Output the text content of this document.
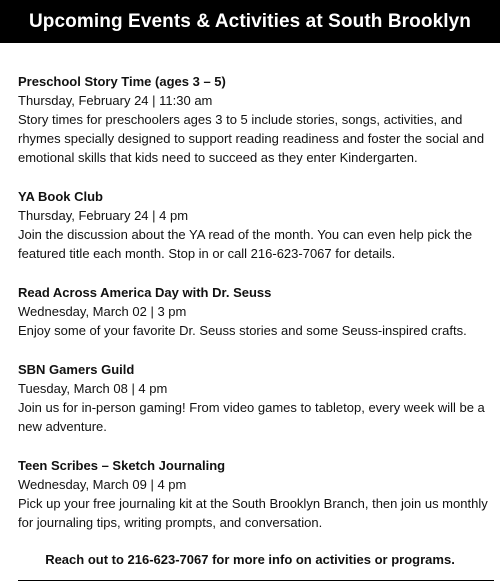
Upcoming Events & Activities at South Brooklyn
Preschool Story Time (ages 3 – 5)
Thursday, February 24 | 11:30 am
Story times for preschoolers ages 3 to 5 include stories, songs, activities, and rhymes specially designed to support reading readiness and foster the social and emotional skills that kids need to succeed as they enter Kindergarten.
YA Book Club
Thursday, February 24 | 4 pm
Join the discussion about the YA read of the month. You can even help pick the featured title each month. Stop in or call 216-623-7067 for details.
Read Across America Day with Dr. Seuss
Wednesday, March 02 | 3 pm
Enjoy some of your favorite Dr. Seuss stories and some Seuss-inspired crafts.
SBN Gamers Guild
Tuesday, March 08 | 4 pm
Join us for in-person gaming! From video games to tabletop, every week will be a new adventure.
Teen Scribes – Sketch Journaling
Wednesday, March 09 | 4 pm
Pick up your free journaling kit at the South Brooklyn Branch, then join us monthly for journaling tips, writing prompts, and conversation.
Reach out to 216-623-7067 for more info on activities or programs.
